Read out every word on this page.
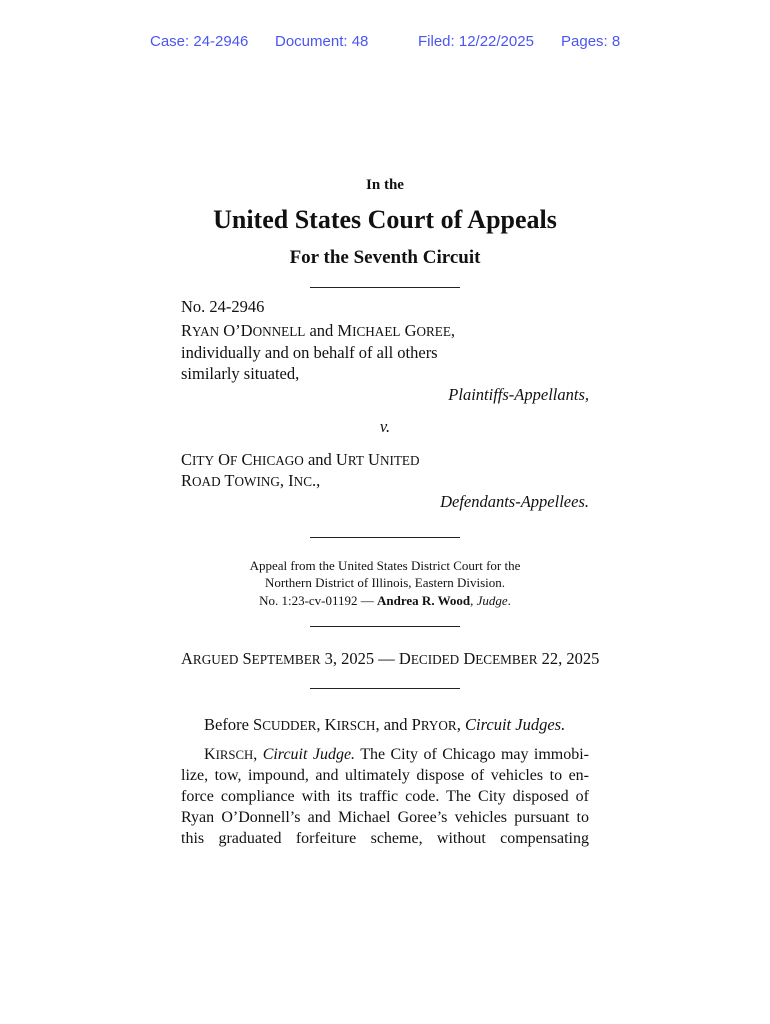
Case: 24-2946 Document: 48	Filed: 12/22/2025 Pages: 8
In the
United States Court of Appeals
For the Seventh Circuit
No. 24-2946
RYAN O’DONNELL and MICHAEL GOREE,
individually and on behalf of all others
similarly situated,
Plaintiffs-Appellants,
v.
CITY OF CHICAGO and URT UNITED
ROAD TOWING, INC.,
Defendants-Appellees.
Appeal from the United States District Court for the
Northern District of Illinois, Eastern Division.
No. 1:23-cv-01192 — Andrea R. Wood, Judge.
ARGUED SEPTEMBER 3, 2025 — DECIDED DECEMBER 22, 2025
Before SCUDDER, KIRSCH, and PRYOR, Circuit Judges.
KIRSCH, Circuit Judge. The City of Chicago may immobi-
lize, tow, impound, and ultimately dispose of vehicles to en-
force compliance with its traffic code. The City disposed of
Ryan O’Donnell’s and Michael Goree’s vehicles pursuant to
this graduated forfeiture scheme, without compensating
